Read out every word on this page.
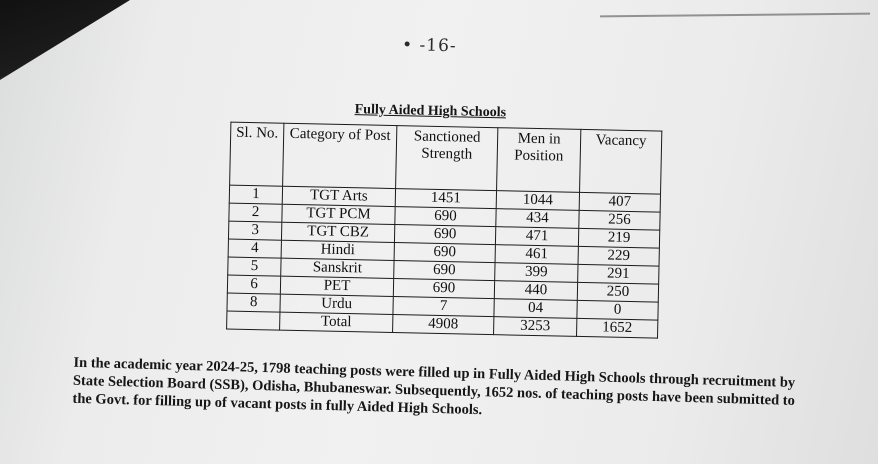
• -16-
Fully Aided High Schools
Sl. No.	Category of Post	Sanctioned Strength	Men in Position	Vacancy
1	TGT Arts	1451	1044	407
2	TGT PCM	690	434	256
3	TGT CBZ	690	471	219
4	Hindi	690	461	229
5	Sanskrit	690	399	291
6	PET	690	440	250
8	Urdu	7	04	0
	Total	4908	3253	1652
In the academic year 2024-25, 1798 teaching posts were filled up in Fully Aided High Schools through recruitment by State Selection Board (SSB), Odisha, Bhubaneswar. Subsequently, 1652 nos. of teaching posts have been submitted to the Govt. for filling up of vacant posts in fully Aided High Schools.
